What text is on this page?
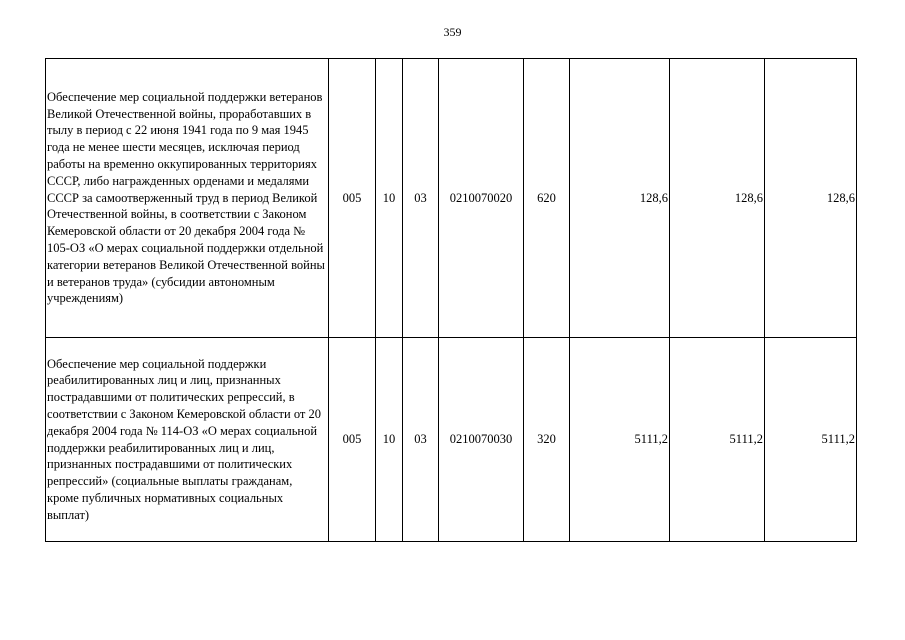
359
Обеспечение мер социальной поддержки ветеранов Великой Отечественной войны, проработавших в тылу в период с 22 июня 1941 года по 9 мая 1945 года не менее шести месяцев, исключая период работы на временно оккупированных территориях СССР, либо награжденных орденами и медалями СССР за самоотверженный труд в период Великой Отечественной войны, в соответствии с Законом Кемеровской области от 20 декабря 2004 года № 105-ОЗ «О мерах социальной поддержки отдельной категории ветеранов Великой Отечественной войны и ветеранов труда» (субсидии автономным учреждениям)	005	10	03	0210070020	620	128,6	128,6	128,6
Обеспечение мер социальной поддержки реабилитированных лиц и лиц, признанных пострадавшими от политических репрессий, в соответствии с Законом Кемеровской области от 20 декабря 2004 года № 114-ОЗ «О мерах социальной поддержки реабилитированных лиц и лиц, признанных пострадавшими от политических репрессий» (социальные выплаты гражданам, кроме публичных нормативных социальных выплат)	005	10	03	0210070030	320	5111,2	5111,2	5111,2
